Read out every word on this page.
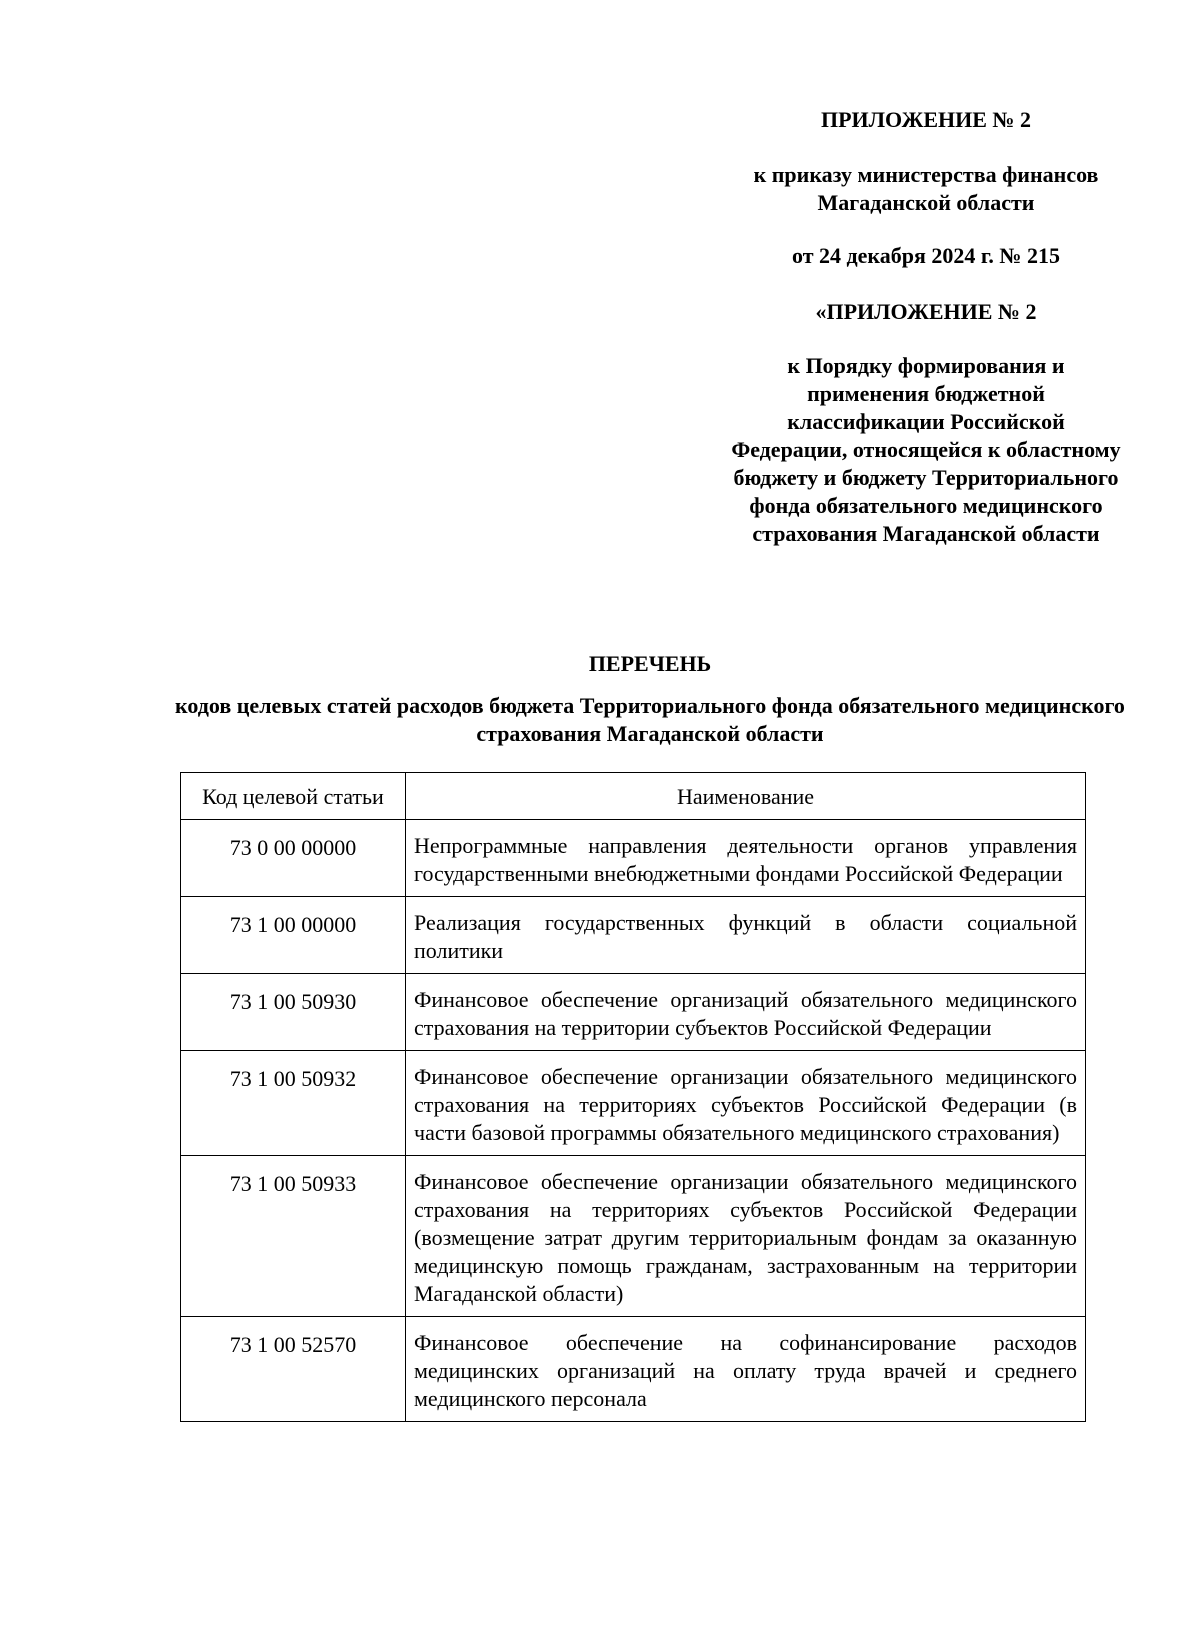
ПРИЛОЖЕНИЕ № 2
к приказу министерства финансов Магаданской области
от 24 декабря 2024 г. № 215
«ПРИЛОЖЕНИЕ № 2
к Порядку формирования и применения бюджетной классификации Российской Федерации, относящейся к областному бюджету и бюджету Территориального фонда обязательного медицинского страхования Магаданской области
ПЕРЕЧЕНЬ
кодов целевых статей расходов бюджета Территориального фонда обязательного медицинского страхования Магаданской области
Код целевой статьи	Наименование
73 0 00 00000	Непрограммные направления деятельности органов управления государственными внебюджетными фондами Российской Федерации
73 1 00 00000	Реализация государственных функций в области социальной политики
73 1 00 50930	Финансовое обеспечение организаций обязательного медицинского страхования на территории субъектов Российской Федерации
73 1 00 50932	Финансовое обеспечение организации обязательного медицинского страхования на территориях субъектов Российской Федерации (в части базовой программы обязательного медицинского страхования)
73 1 00 50933	Финансовое обеспечение организации обязательного медицинского страхования на территориях субъектов Российской Федерации (возмещение затрат другим территориальным фондам за оказанную медицинскую помощь гражданам, застрахованным на территории Магаданской области)
73 1 00 52570	Финансовое обеспечение на софинансирование расходов медицинских организаций на оплату труда врачей и среднего медицинского персонала
